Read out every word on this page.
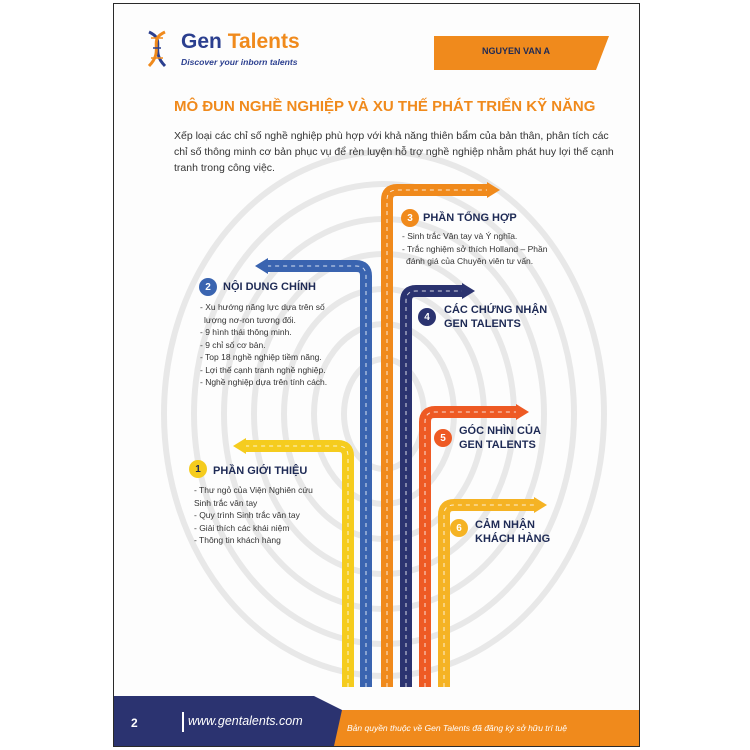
Gen Talents
Discover your inborn talents
NGUYEN VAN A
MÔ ĐUN NGHỀ NGHIỆP VÀ XU THẾ PHÁT TRIỂN KỸ NĂNG
Xếp loại các chỉ số nghề nghiệp phù hợp với khả năng thiên bẩm của bản thân, phân tích các chỉ số thông minh cơ bản phục vụ để rèn luyện hỗ trợ nghề nghiệp nhằm phát huy lợi thế cạnh tranh trong công việc.
3 PHẦN TỔNG HỢP
- Sinh trắc Vân tay và Ý nghĩa.
- Trắc nghiệm sở thích Holland – Phần
đánh giá của Chuyên viên tư vấn.
2	NỘI DUNG CHÍNH
- Xu hướng năng lực dựa trên số
lượng nơ-ron tương đối.
- 9 hình thái thông minh.
- 9 chỉ số cơ bản.
- Top 18 nghề nghiệp tiềm năng.
- Lợi thế cạnh tranh nghề nghiệp.
- Nghề nghiệp dựa trên tính cách.
4
CÁC CHỨNG NHẬN
GEN TALENTS
5
GÓC NHÌN CỦA
GEN TALENTS
1	PHẦN GIỚI THIỆU
- Thư ngỏ của Viện Nghiên cứu
Sinh trắc vân tay
- Quy trình Sinh trắc vân tay
- Giải thích các khái niệm
- Thông tin khách hàng
6	CẢM NHẬN
KHÁCH HÀNG
2	www.gentalents.com	Bản quyền thuộc về Gen Talents đã đăng ký sở hữu trí tuệ
